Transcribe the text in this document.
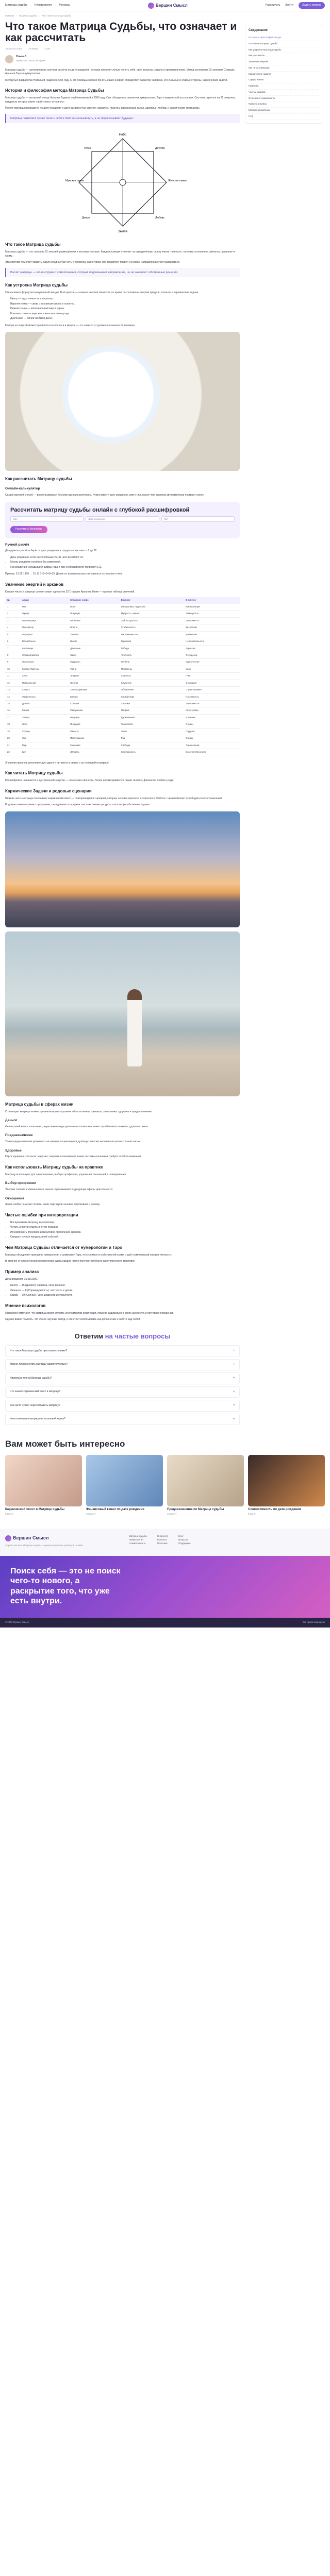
Матрица судьбы	Нумерология	Ресурсы	Вершин Смысл	Рассчитать Войти	Задать вопрос
Главная › Матрица судьбы › Что такое Матрица судьбы
Что такое Матрица Судьбы, что означает и как рассчитать
10 августа 2023	15 минут	1 345
Ольга Л.
Нумеролог, автор методики

Матрица судьбы — эзотерическая система расчёта по дате рождения, которая помогает лучше понять себя, свои таланты, задачи и предназначение. Метод основан на 22 энергиях Старших Арканов Таро и нумерологии.

Метод был разработан Натальей Ладини в 2006 году. С его помощью можно понять, какие энергии определяют характер человека, его сильные и слабые стороны, кармические задачи.

История и философия метода Матрица Судьбы

Матрица судьбы — авторский метод Натальи Ладини, опубликованный в 2006 году. Она объединила знания из нумерологии, Таро и ведической астрологии. Система строится на 22 энергиях, каждая из которых имеет свой «плюс» и «минус».

Расчёт матрицы проводится по дате рождения и даёт развёрнутую картину: характер, таланты, финансовый канал, здоровье, любовь и кармические программы.

Матрица позволяет лучше понять себя и свой жизненный путь, а не предсказывает будущее.
Небо
Земля
Мужская линия	Женская линия
Успех	Детство
Любовь
Деньги
Что такое Матрица судьбы

Матрица судьбы — это схема из 22 энергий, размещённых в восьмиугольнике. Каждая позиция отвечает за определённую сферу жизни: личность, таланты, отношения, финансы, здоровье и карму.

Эта система помогает увидеть, какие ресурсы уже есть у человека, какие уроки ему предстоит пройти и в каком направлении стоит развиваться.

Расчёт матрицы — это инструмент самопознания, который подсказывает направление, но не заменяет собственные решения.
Как устроена Матрица судьбы

Схема имеет форму восьмиугольной звезды. В её центре — главная энергия личности, по краям расположены энергии предков, таланты и кармические задачи.

• Центр — ядро личности и характер.
• Верхняя точка — связь с духовным миром и таланты.
• Нижняя точка — материальный мир и карма.
• Боковые точки — мужская и женская линии рода.
• Диагонали — линии любви и денег.

Каждая из энергий может проявляться в плюсе и в минусе — это зависит от уровня осознанности человека.

Как рассчитать Матрицу судьбы
Онлайн-калькулятор

Самый простой способ — воспользоваться бесплатным калькулятором. Нужно ввести дату рождения, имя и пол, после чего система автоматически построит схему.

Рассчитать матрицу судьбы онлайн с глубокой расшифровкой
Имя	Дата рождения	Пол
Рассчитать бесплатно
Ручной расчёт

Для ручного расчёта берётся дата рождения и сводится к числам от 1 до 22.

• День рождения: если число больше 22, из него вычитают 22.
• Месяц рождения остаётся без изменений.
• Год рождения: складывают цифры года и при необходимости приводят к 22.

Пример: 15.08.1990 → 15, 8, 1+9+9+0=19. Далее по формулам рассчитываются остальные точки.

Значение энергий и арканов

Каждое число в матрице соответствует одному из 22 Старших Арканов. Ниже — краткая таблица значений.

№	Аркан	Ключевое слово	В плюсе	В минусе
1	Маг	Воля	Инициатива, лидерство	Манипуляции
2	Жрица	Интуиция	Мудрость, знания	Замкнутость
3	Императрица	Изобилие	Забота, красота	Зависимость
4	Император	Власть	Стабильность	Деспотизм
5	Иерофант	Учитель	Наставничество	Догматизм
6	Влюблённые	Выбор	Гармония	Нерешительность
7	Колесница	Движение	Победа	Агрессия
8	Справедливость	Закон	Честность	Осуждение
9	Отшельник	Мудрость	Глубина	Одиночество
10	Колесо Фортуны	Удача	Перемены	Хаос
11	Сила	Энергия	Смелость	Гнев
12	Повешенный	Жертва	Служение	Стагнация
13	Смерть	Трансформация	Обновление	Страх перемен
14	Умеренность	Баланс	Спокойствие	Пассивность
15	Дьявол	Соблазн	Харизма	Зависимости
16	Башня	Разрушение	Прорыв	Катастрофы
17	Звезда	Надежда	Вдохновение	Иллюзии
18	Луна	Интуиция	Творчество	Страхи
19	Солнце	Радость	Успех	Гордыня
20	Суд	Пробуждение	Род	Обиды
21	Мир	Гармония	Свобода	Ограничения
22	Шут	Лёгкость	Спонтанность	Безответственность

Значения арканов дополняют друг друга и читаются в связке с их позицией в матрице.

Как читать Матрицу судьбы

Расшифровка начинается с центральной энергии — это основа личности. Затем рассматриваются линии таланта, финансов, любви и рода.

Кармические Задачи и родовые сценарии

Нижняя часть матрицы показывает кармический хвост — повторяющиеся сценарии, которые человек приносит из прошлого. Работа с ними помогает освободиться от ограничений.

Родовые линии отражают программы, переданные от предков: как позитивные ресурсы, так и непроработанные задачи.

Матрица судьбы в сферах жизни

С помощью матрицы можно проанализировать разные области жизни: финансы, отношения, здоровье и предназначение.

Деньги

Финансовый канал показывает, через какие виды деятельности человек может зарабатывать легко и с удовольствием.

Предназначение

Точки предназначения указывают на личную, социальную и духовную миссию человека на разных этапах жизни.

Здоровье

Карта здоровья соотносит энергии с чакрами и показывает, какие системы организма требуют особого внимания.

Как использовать Матрицу судьбы на практике

Матрицу используют для самопознания, выбора профессии, улучшения отношений и планирования.

Выбор профессии

Энергии таланта и финансового канала подсказывают подходящие сферы деятельности.

Отношения

Линия любви помогает понять, каких партнёров человек притягивает и почему.

Частые ошибки при интерпретации
• Воспринимать матрицу как приговор.
• Читать энергии отдельно от их позиции.
• Игнорировать плюсовое и минусовое проявление арканов.
• Ожидать точных предсказаний событий.
Чем Матрица Судьбы отличается от нумерологии и Таро

Матрица объединяет принципы нумерологии и символику Таро, но строится по собственной схеме и даёт комплексный портрет личности.

В отличие от классической нумерологии, здесь каждое число получает глубокую архетипическую трактовку.

Пример анализа

Дата рождения 15.08.1990.

• Центр — 15 (Дьявол): харизма, сила влияния.
• Финансы — 8 (Справедливость): честность в делах.
• Карма — 19 (Солнце): урок щедрости и открытости.
Мнение психологов

Психологи отмечают, что матрица может служить инструментом рефлексии, помогая задуматься о своих ценностях и паттернах поведения.

Однако важно помнить, что это не научный метод, и его стоит использовать как дополнение к работе над собой.

Ответим на частые вопросы
Что такое Матрица судьбы простыми словами?	+
Можно ли рассчитать матрицу самостоятельно?	+
Насколько точна Матрица судьбы?	+
Что значит кармический хвост в матрице?	+
Как часто нужно пересчитывать матрицу?	+
Чем отличается матрица от натальной карты?	+
Содержание
История и философия метода
Что такое Матрица судьбы
Как устроена Матрица судьбы
Как рассчитать
Значение энергий
Как читать матрицу
Кармические задачи
Сферы жизни
Практика
Частые ошибки
Отличия от нумерологии
Пример анализа
Мнение психологов
FAQ
Вам может быть интересно
Кармический хвост в Матрице судьбы
8 минут
Финансовый канал по дате рождения
10 минут
Предназначение по Матрице судьбы
12 минут
Совместимость по дате рождения
9 минут
Вершин Смысл

Сервис расчёта Матрицы судьбы и нумерологических разборов онлайн.

Матрица судьбы
Нумерология
Совместимость
О проекте
Контакты
Политика
Блог
Вопросы
Поддержка
Поиск себя — это не поиск чего-то нового, а раскрытие того, что уже есть внутри.
© 2023 Вершин Смысл	Все права защищены
